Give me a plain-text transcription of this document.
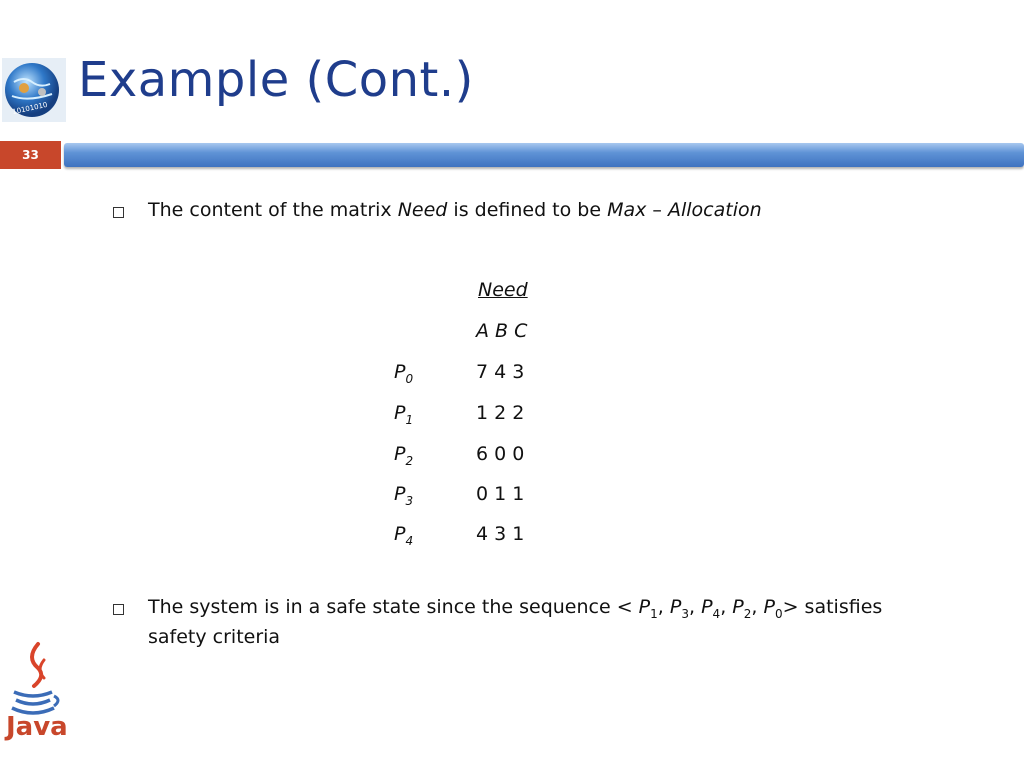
10101010
Example (Cont.)
33
The content of the matrix Need is defined to be Max – Allocation
Need
A B C
$P_0$	7 4 3
$P_1$	1 2 2
$P_2$	6 0 0
$P_3$	0 1 1
$P_4$	4 3 1
The system is in a safe state since the sequence < $P_1$, $P_3$, $P_4$, $P_2$, $P_0>$ satisfies
safety criteria
Java
